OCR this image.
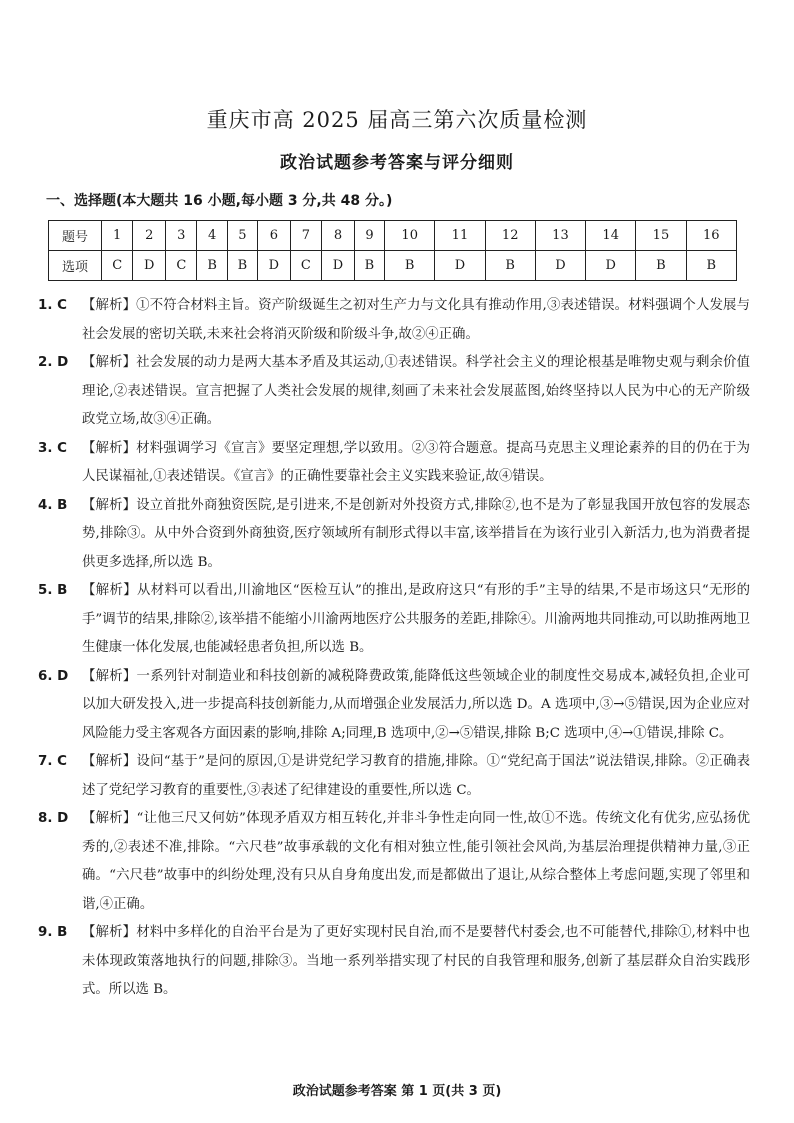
重庆市高 2025 届高三第六次质量检测
政治试题参考答案与评分细则
一、选择题(本大题共 16 小题,每小题 3 分,共 48 分。)
题号	1	2	3	4	5	6	7	8	9	10	11	12	13	14	15	16
选项	C	D	C	B	B	D	C	D	B	B	D	B	D	D	B	B
1. C 【解析】①不符合材料主旨。资产阶级诞生之初对生产力与文化具有推动作用,③表述错误。材料强调个人发展与社会发展的密切关联,未来社会将消灭阶级和阶级斗争,故②④正确。
2. D 【解析】社会发展的动力是两大基本矛盾及其运动,①表述错误。科学社会主义的理论根基是唯物史观与剩余价值理论,②表述错误。宣言把握了人类社会发展的规律,刻画了未来社会发展蓝图,始终坚持以人民为中心的无产阶级政党立场,故③④正确。
3. C 【解析】材料强调学习《宣言》要坚定理想,学以致用。②③符合题意。提高马克思主义理论素养的目的仍在于为人民谋福祉,①表述错误。《宣言》的正确性要靠社会主义实践来验证,故④错误。
4. B 【解析】设立首批外商独资医院,是引进来,不是创新对外投资方式,排除②,也不是为了彰显我国开放包容的发展态势,排除③。从中外合资到外商独资,医疗领域所有制形式得以丰富,该举措旨在为该行业引入新活力,也为消费者提供更多选择,所以选 B。
5. B 【解析】从材料可以看出,川渝地区“医检互认”的推出,是政府这只“有形的手”主导的结果,不是市场这只“无形的手”调节的结果,排除②,该举措不能缩小川渝两地医疗公共服务的差距,排除④。川渝两地共同推动,可以助推两地卫生健康一体化发展,也能减轻患者负担,所以选 B。
6. D 【解析】一系列针对制造业和科技创新的减税降费政策,能降低这些领域企业的制度性交易成本,减轻负担,企业可以加大研发投入,进一步提高科技创新能力,从而增强企业发展活力,所以选 D。A 选项中,③→⑤错误,因为企业应对风险能力受主客观各方面因素的影响,排除 A;同理,B 选项中,②→⑤错误,排除 B;C 选项中,④→①错误,排除 C。
7. C 【解析】设问“基于”是问的原因,①是讲党纪学习教育的措施,排除。①“党纪高于国法”说法错误,排除。②正确表述了党纪学习教育的重要性,③表述了纪律建设的重要性,所以选 C。
8. D 【解析】“让他三尺又何妨”体现矛盾双方相互转化,并非斗争性走向同一性,故①不选。传统文化有优劣,应弘扬优秀的,②表述不准,排除。“六尺巷”故事承载的文化有相对独立性,能引领社会风尚,为基层治理提供精神力量,③正确。“六尺巷”故事中的纠纷处理,没有只从自身角度出发,而是都做出了退让,从综合整体上考虑问题,实现了邻里和谐,④正确。
9. B 【解析】材料中多样化的自治平台是为了更好实现村民自治,而不是要替代村委会,也不可能替代,排除①,材料中也未体现政策落地执行的问题,排除③。当地一系列举措实现了村民的自我管理和服务,创新了基层群众自治实践形式。所以选 B。
政治试题参考答案 第 1 页(共 3 页)
